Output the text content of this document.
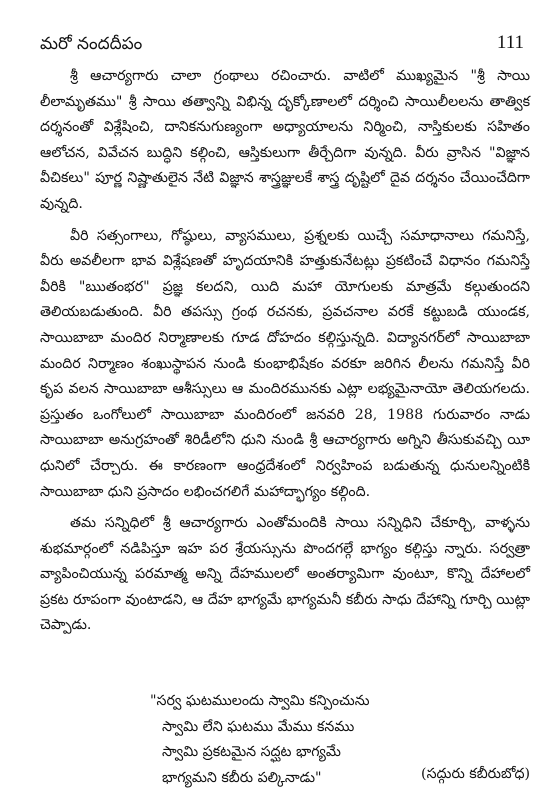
మరో నందదీపం	111

శ్రీ ఆచార్యగారు చాలా గ్రంథాలు రచించారు. వాటిలో ముఖ్యమైన "శ్రీ సాయి లీలామృతము" శ్రీ సాయి తత్వాన్ని విభిన్న దృక్కోణాలలో దర్శించి సాయిలీలలను తాత్విక దర్శనంతో విశ్లేషించి, దానికనుగుణ్యంగా అధ్యాయాలను నిర్మించి, నాస్తికులకు సహితం ఆలోచన, వివేచన బుద్ధిని కల్గించి, ఆస్తికులుగా తీర్చేదిగా వున్నది. వీరు వ్రాసిన "విజ్ఞాన వీచికలు" పూర్ణ నిష్ణాతులైన నేటి విజ్ఞాన శాస్త్రజ్ఞులకే శాస్త్ర దృష్టిలో దైవ దర్శనం చేయించేదిగా వున్నది.

వీరి సత్సంగాలు, గోష్ఠులు, వ్యాసములు, ప్రశ్నలకు యిచ్చే సమాధానాలు గమనిస్తే, వీరు అవలీలగా భావ విశ్లేషణతో హృదయానికి హత్తుకునేటట్లు ప్రకటించే విధానం గమనిస్తే వీరికి "ఋతంభర" ప్రజ్ఞ కలదని, యిది మహా యోగులకు మాత్రమే కల్గుతుందని తెలియబడుతుంది. వీరి తపస్సు గ్రంథ రచనకు, ప్రవచనాల వరకే కట్టుబడి యుండక, సాయిబాబా మందిర నిర్మాణాలకు గూడ దోహదం కల్గిస్తున్నది. విద్యానగర్‌లో సాయిబాబా మందిర నిర్మాణం శంఖుస్థాపన నుండి కుంభాభిషేకం వరకూ జరిగిన లీలను గమనిస్తే వీరి కృప వలన సాయిబాబా ఆశీస్సులు ఆ మందిరమునకు ఎట్లా లభ్యమైనాయో తెలియగలదు. ప్రస్తుతం ఒంగోలులో సాయిబాబా మందిరంలో జనవరి 28, 1988 గురువారం నాడు సాయిబాబా అనుగ్రహంతో శిరిడీలోని ధుని నుండి శ్రీ ఆచార్యగారు అగ్నిని తీసుకువచ్చి యీ ధునిలో చేర్చారు. ఈ కారణంగా ఆంధ్రదేశంలో నిర్వహింప బడుతున్న ధునులన్నింటికి సాయిబాబా ధుని ప్రసాదం లభించగలిగే మహాద్భాగ్యం కల్గింది.

తమ సన్నిధిలో శ్రీ ఆచార్యగారు ఎంతోమందికి సాయి సన్నిధిని చేకూర్చి, వాళ్ళను శుభమార్గంలో నడిపిస్తూ ఇహ పర శ్రేయస్సును పొందగల్గే భాగ్యం కల్గిస్తు న్నారు. సర్వత్రా వ్యాపించియున్న పరమాత్మ అన్ని దేహములలో అంతర్యామిగా వుంటూ, కొన్ని దేహాలలో ప్రకట రూపంగా వుంటాడని, ఆ దేహ భాగ్యమే భాగ్యమనీ కబీరు సాధు దేహాన్ని గూర్చి యిట్లా చెప్పాడు.

"సర్వ ఘటములందు స్వామి కన్పించును
స్వామి లేని ఘటము మేము కనము
స్వామి ప్రకటమైన సద్ఘట భాగ్యమే
భాగ్యమని కబీరు పల్కినాడు"	(సద్గురు కబీరుబోధ)
